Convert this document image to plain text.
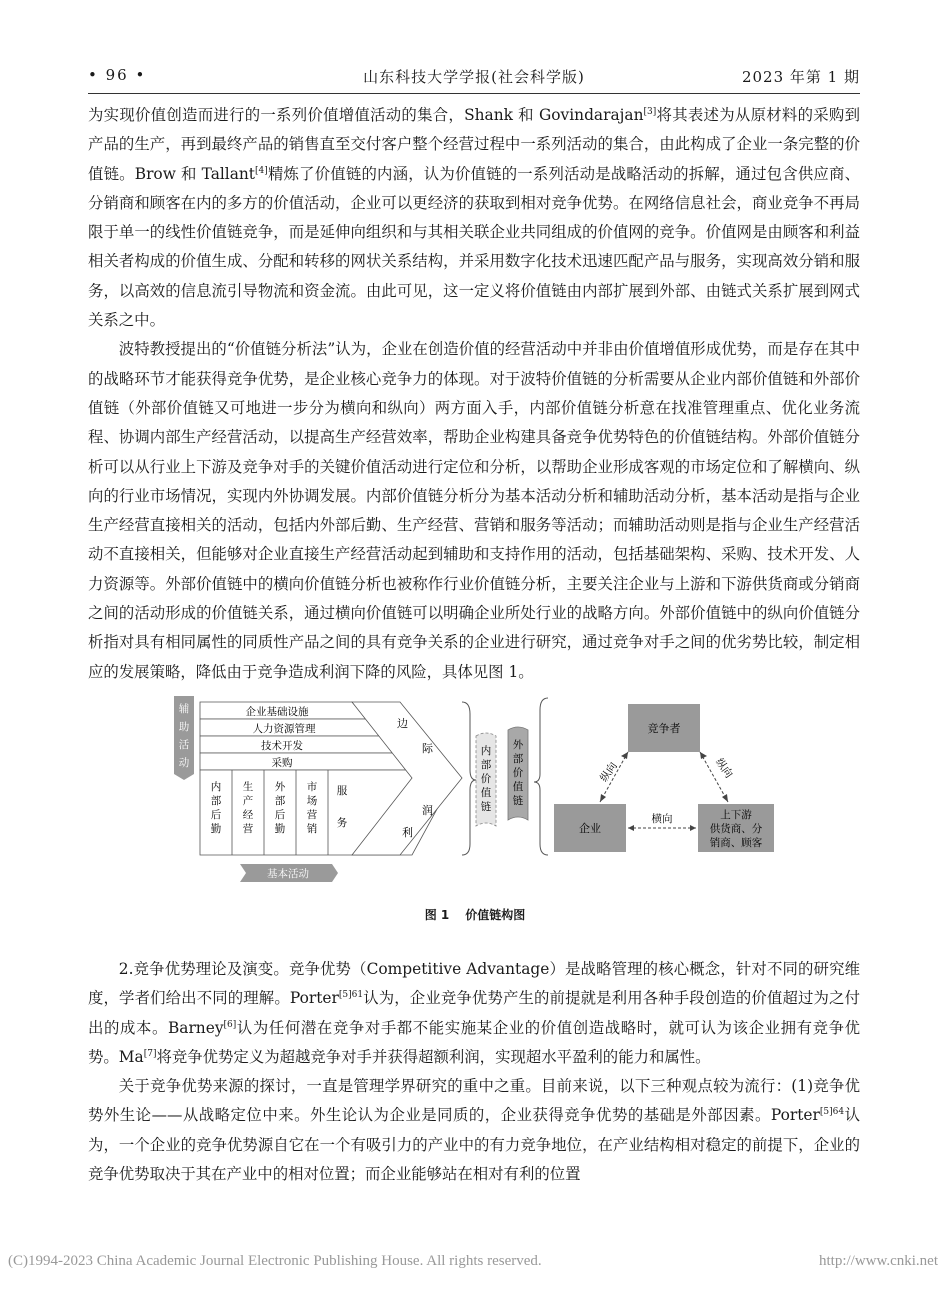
• 96 •	山东科技大学学报(社会科学版)	2023 年第 1 期

为实现价值创造而进行的一系列价值增值活动的集合，Shank 和 Govindarajan[3]将其表述为从原材料的采购到产品的生产，再到最终产品的销售直至交付客户整个经营过程中一系列活动的集合，由此构成了企业一条完整的价值链。Brow 和 Tallant[4]精炼了价值链的内涵，认为价值链的一系列活动是战略活动的拆解，通过包含供应商、分销商和顾客在内的多方的价值活动，企业可以更经济的获取到相对竞争优势。在网络信息社会，商业竞争不再局限于单一的线性价值链竞争，而是延伸向组织和与其相关联企业共同组成的价值网的竞争。价值网是由顾客和利益相关者构成的价值生成、分配和转移的网状关系结构，并采用数字化技术迅速匹配产品与服务，实现高效分销和服务，以高效的信息流引导物流和资金流。由此可见，这一定义将价值链由内部扩展到外部、由链式关系扩展到网式关系之中。

波特教授提出的“价值链分析法”认为，企业在创造价值的经营活动中并非由价值增值形成优势，而是存在其中的战略环节才能获得竞争优势，是企业核心竞争力的体现。对于波特价值链的分析需要从企业内部价值链和外部价值链（外部价值链又可地进一步分为横向和纵向）两方面入手，内部价值链分析意在找准管理重点、优化业务流程、协调内部生产经营活动，以提高生产经营效率，帮助企业构建具备竞争优势特色的价值链结构。外部价值链分析可以从行业上下游及竞争对手的关键价值活动进行定位和分析，以帮助企业形成客观的市场定位和了解横向、纵向的行业市场情况，实现内外协调发展。内部价值链分析分为基本活动分析和辅助活动分析，基本活动是指与企业生产经营直接相关的活动，包括内外部后勤、生产经营、营销和服务等活动；而辅助活动则是指与企业生产经营活动不直接相关，但能够对企业直接生产经营活动起到辅助和支持作用的活动，包括基础架构、采购、技术开发、人力资源等。外部价值链中的横向价值链分析也被称作行业价值链分析，主要关注企业与上游和下游供货商或分销商之间的活动形成的价值链关系，通过横向价值链可以明确企业所处行业的战略方向。外部价值链中的纵向价值链分析指对具有相同属性的同质性产品之间的具有竞争关系的企业进行研究，通过竞争对手之间的优劣势比较，制定相应的发展策略，降低由于竞争造成利润下降的风险，具体见图 1。

辅
助
活
动
企业基础设施
人力资源管理
技术开发
采购
边
际
利
润
内
部
后
勤
生
产
经
营
外
部
后
勤
市
场
营
销
服
务
基本活动
内
部
价
值
链
外
部
价
值
链
竞争者
企业
上下游
供货商、分
销商、顾客
纵向	纵向
横向
图 1 价值链构图

2.竞争优势理论及演变。竞争优势（Competitive Advantage）是战略管理的核心概念，针对不同的研究维度，学者们给出不同的理解。Porter$^{[5]61}$认为，企业竞争优势产生的前提就是利用各种手段创造的价值超过为之付出的成本。Barney[6]认为任何潜在竞争对手都不能实施某企业的价值创造战略时，就可认为该企业拥有竞争优势。Ma[7]将竞争优势定义为超越竞争对手并获得超额利润，实现超水平盈利的能力和属性。

关于竞争优势来源的探讨，一直是管理学界研究的重中之重。目前来说，以下三种观点较为流行：(1)竞争优势外生论——从战略定位中来。外生论认为企业是同质的，企业获得竞争优势的基础是外部因素。Porter$^{[5]64}$认为，一个企业的竞争优势源自它在一个有吸引力的产业中的有力竞争地位，在产业结构相对稳定的前提下，企业的竞争优势取决于其在产业中的相对位置；而企业能够站在相对有利的位置

(C)1994-2023 China Academic Journal Electronic Publishing House. All rights reserved.	http://www.cnki.net
